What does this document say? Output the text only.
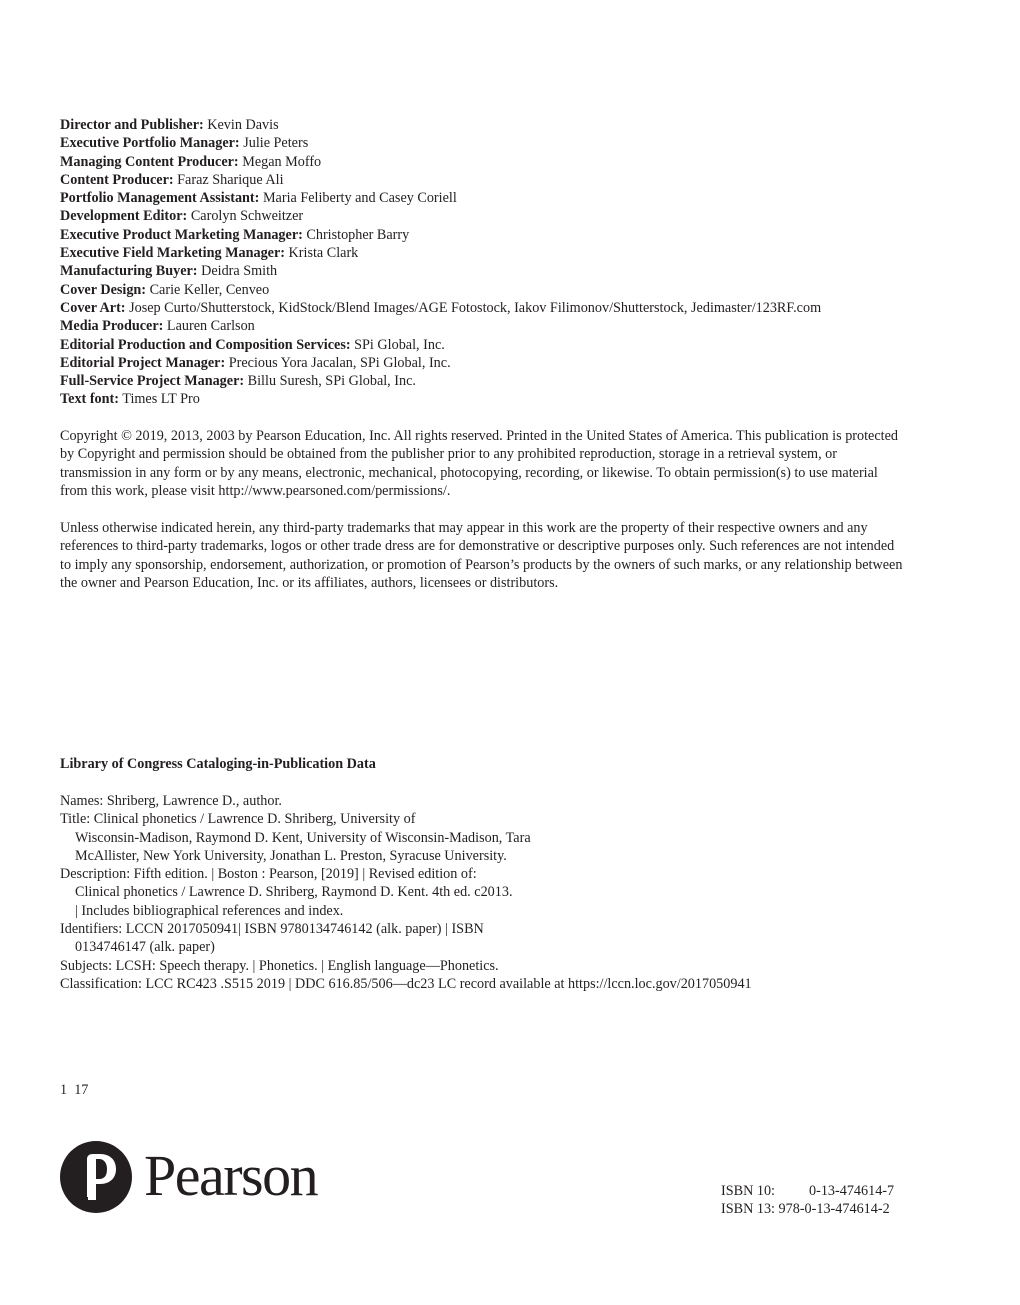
Director and Publisher: Kevin Davis
Executive Portfolio Manager: Julie Peters
Managing Content Producer: Megan Moffo
Content Producer: Faraz Sharique Ali
Portfolio Management Assistant: Maria Feliberty and Casey Coriell
Development Editor: Carolyn Schweitzer
Executive Product Marketing Manager: Christopher Barry
Executive Field Marketing Manager: Krista Clark
Manufacturing Buyer: Deidra Smith
Cover Design: Carie Keller, Cenveo
Cover Art: Josep Curto/Shutterstock, KidStock/Blend Images/AGE Fotostock, Iakov Filimonov/Shutterstock, Jedimaster/123RF.com
Media Producer: Lauren Carlson
Editorial Production and Composition Services: SPi Global, Inc.
Editorial Project Manager: Precious Yora Jacalan, SPi Global, Inc.
Full-Service Project Manager: Billu Suresh, SPi Global, Inc.
Text font: Times LT Pro

Copyright © 2019, 2013, 2003 by Pearson Education, Inc. All rights reserved. Printed in the United States of America. This publication is protected by Copyright and permission should be obtained from the publisher prior to any prohibited reproduction, storage in a retrieval system, or transmission in any form or by any means, electronic, mechanical, photocopying, recording, or likewise. To obtain permission(s) to use material from this work, please visit http://www.pearsoned.com/permissions/.

Unless otherwise indicated herein, any third-party trademarks that may appear in this work are the property of their respective owners and any references to third-party trademarks, logos or other trade dress are for demonstrative or descriptive purposes only. Such references are not intended to imply any sponsorship, endorsement, authorization, or promotion of Pearson’s products by the owners of such marks, or any relationship between the owner and Pearson Education, Inc. or its affiliates, authors, licensees or distributors.

Library of Congress Cataloging-in-Publication Data
Names: Shriberg, Lawrence D., author.
Title: Clinical phonetics / Lawrence D. Shriberg, University of
Wisconsin-Madison, Raymond D. Kent, University of Wisconsin-Madison, Tara
McAllister, New York University, Jonathan L. Preston, Syracuse University.
Description: Fifth edition. | Boston : Pearson, [2019] | Revised edition of:
Clinical phonetics / Lawrence D. Shriberg, Raymond D. Kent. 4th ed. c2013.
| Includes bibliographical references and index.
Identifiers: LCCN 2017050941| ISBN 9780134746142 (alk. paper) | ISBN
0134746147 (alk. paper)
Subjects: LCSH: Speech therapy. | Phonetics. | English language—Phonetics.
Classification: LCC RC423 .S515 2019 | DDC 616.85/506—dc23 LC record available at https://lccn.loc.gov/2017050941
1  17
Pearson	ISBN 10: 0-13-474614-7
ISBN 13: 978-0-13-474614-2
